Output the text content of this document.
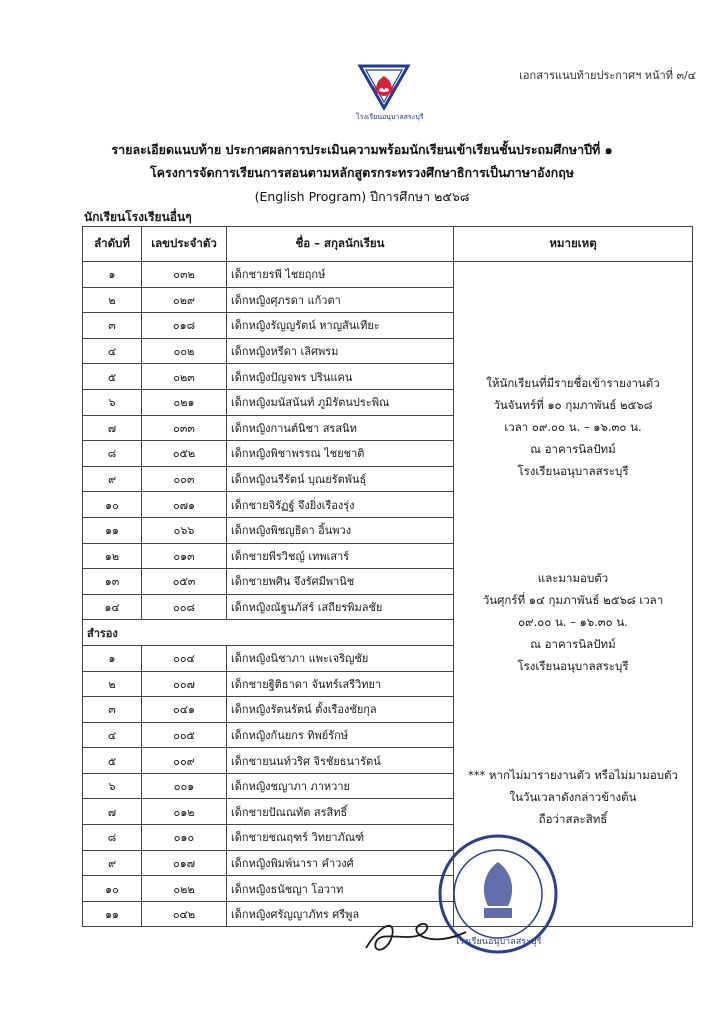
เอกสารแนบท้ายประกาศฯ หน้าที่ ๓/๔
โรงเรียนอนุบาลสระบุรี
รายละเอียดแนบท้าย ประกาศผลการประเมินความพร้อมนักเรียนเข้าเรียนชั้นประถมศึกษาปีที่ ๑
โครงการจัดการเรียนการสอนตามหลักสูตรกระทรวงศึกษาธิการเป็นภาษาอังกฤษ
(English Program) ปีการศึกษา ๒๕๖๘
นักเรียนโรงเรียนอื่นๆ
ลำดับที่	เลขประจำตัว	ชื่อ – สกุลนักเรียน	หมายเหตุ
๑	๐๓๒	เด็กชายรพี ไชยฤกษ์	
๒	๐๒๙	เด็กหญิงศุภรดา แก้วตา	
๓	๐๑๘	เด็กหญิงรัญญรัตน์ หาญสันเทียะ	
๔	๐๐๒	เด็กหญิงหรีดา เลิศพรม	
๕	๐๒๓	เด็กหญิงปัญจพร ปรินแคน	
๖	๐๒๑	เด็กหญิงมนัสนันท์ ภูมิรัตนประพิณ	
๗	๐๓๓	เด็กหญิงกานต์นิชา สรสนิท	
๘	๐๕๒	เด็กหญิงพิชาพรรณ ไชยชาติ	
๙	๐๐๓	เด็กหญิงนรีรัตน์ บุณยรัตพันธุ์	
๑๐	๐๗๑	เด็กชายจิรัฏฐ์ จึงยิ่งเรืองรุ่ง	
๑๑	๐๖๖	เด็กหญิงพิชญธิดา อิ้นพวง	
๑๒	๐๑๓	เด็กชายพีรวิชญ์ เทพเสาร์	
๑๓	๐๕๓	เด็กชายพศิน จึงรัศมีพานิช	
๑๔	๐๐๘	เด็กหญิงณัฐนภัสร์ เสถียรพิมลชัย	
สำรอง			
๑	๐๐๔	เด็กหญิงนิชาภา แพะเจริญชัย	
๒	๐๐๗	เด็กชายฐิติธาดา จันทร์เสรีวิทยา	
๓	๐๔๑	เด็กหญิงรัตนรัตน์ ตั้งเรืองชัยกุล	
๔	๐๐๕	เด็กหญิงกันยกร ทิพย์รักษ์	
๕	๐๐๙	เด็กชายนนท์วริศ จิรชัยธนารัตน์	
๖	๐๐๑	เด็กหญิงชญาภา ภาหวาย	
๗	๐๑๒	เด็กชายปัณณทัต สรสิทธิ์	
๘	๐๑๐	เด็กชายชณฤฑร์ วิทยาภัณฑ์	
๙	๐๑๗	เด็กหญิงพิมพ์นารา คำวงศ์	
๑๐	๐๒๒	เด็กหญิงธนัชญา โอวาท	
๑๑	๐๔๒	เด็กหญิงศรัญญาภัทร ศรีพูล	
ให้นักเรียนที่มีรายชื่อเข้ารายงานตัว
วันจันทร์ที่ ๑๐ กุมภาพันธ์ ๒๕๖๘
เวลา ๐๙.๐๐ น. – ๑๖.๓๐ น.
ณ อาคารนิลปัทม์
โรงเรียนอนุบาลสระบุรี
และมามอบตัว
วันศุกร์ที่ ๑๔ กุมภาพันธ์ ๒๕๖๘ เวลา
๐๙.๐๐ น. – ๑๖.๓๐ น.
ณ อาคารนิลปัทม์
โรงเรียนอนุบาลสระบุรี
*** หากไม่มารายงานตัว หรือไม่มามอบตัว
ในวันเวลาดังกล่าวข้างต้น
ถือว่าสละสิทธิ์
โรงเรียนอนุบาลสระบุรี
